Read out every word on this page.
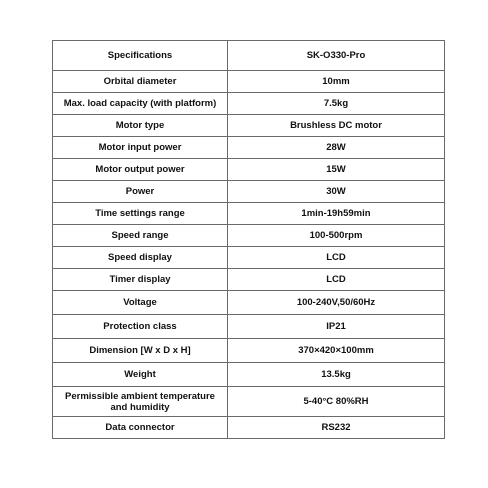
Specifications	SK-O330-Pro
Orbital diameter	10mm
Max. load capacity (with platform)	7.5kg
Motor type	Brushless DC motor
Motor input power	28W
Motor output power	15W
Power	30W
Time settings range	1min-19h59min
Speed range	100-500rpm
Speed display	LCD
Timer display	LCD
Voltage	100-240V,50/60Hz
Protection class	IP21
Dimension [W x D x H]	370×420×100mm
Weight	13.5kg
Permissible ambient temperature and humidity	5-40°C 80%RH
Data connector	RS232
